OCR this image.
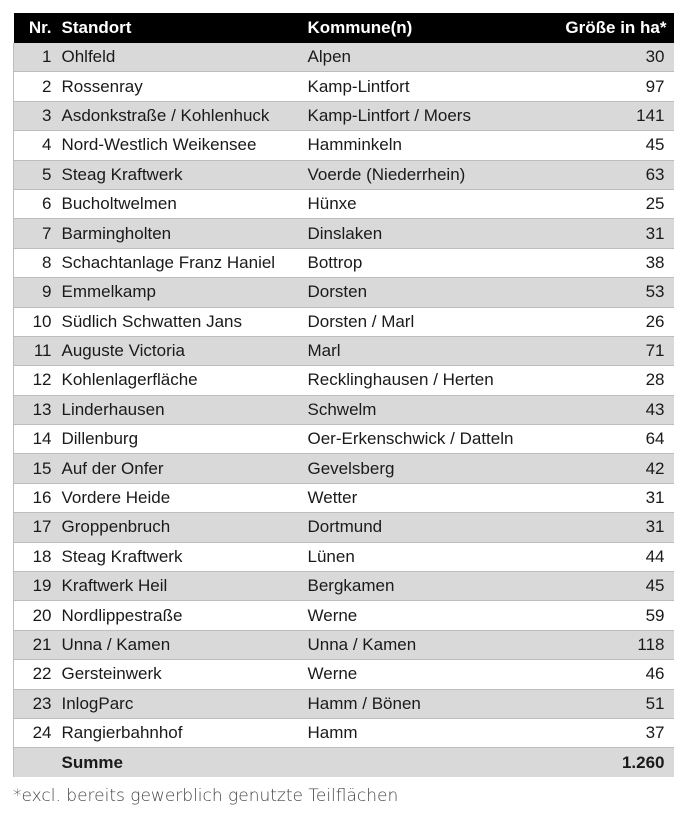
Nr.	Standort	Kommune(n)	Größe in ha*
1	Ohlfeld	Alpen	30
2	Rossenray	Kamp-Lintfort	97
3	Asdonkstraße / Kohlenhuck	Kamp-Lintfort / Moers	141
4	Nord-Westlich Weikensee	Hamminkeln	45
5	Steag Kraftwerk	Voerde (Niederrhein)	63
6	Bucholtwelmen	Hünxe	25
7	Barmingholten	Dinslaken	31
8	Schachtanlage Franz Haniel	Bottrop	38
9	Emmelkamp	Dorsten	53
10	Südlich Schwatten Jans	Dorsten / Marl	26
11	Auguste Victoria	Marl	71
12	Kohlenlagerfläche	Recklinghausen / Herten	28
13	Linderhausen	Schwelm	43
14	Dillenburg	Oer-Erkenschwick / Datteln	64
15	Auf der Onfer	Gevelsberg	42
16	Vordere Heide	Wetter	31
17	Groppenbruch	Dortmund	31
18	Steag Kraftwerk	Lünen	44
19	Kraftwerk Heil	Bergkamen	45
20	Nordlippestraße	Werne	59
21	Unna / Kamen	Unna / Kamen	118
22	Gersteinwerk	Werne	46
23	InlogParc	Hamm / Bönen	51
24	Rangierbahnhof	Hamm	37
	Summe		1.260
*excl. bereits gewerblich genutzte Teilflächen
